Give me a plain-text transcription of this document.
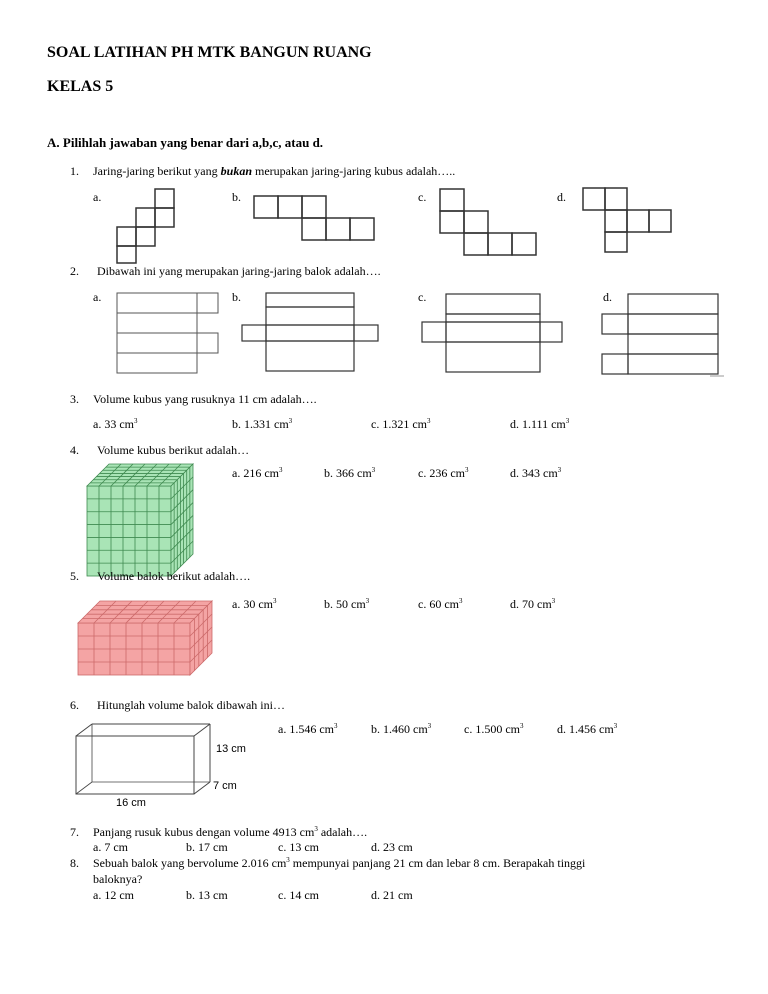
SOAL LATIHAN PH MTK BANGUN RUANG
KELAS 5
A. Pilihlah jawaban yang benar dari a,b,c, atau d.
1. Jaring-jaring berikut yang bukan merupakan jaring-jaring kubus adalah…..
a.	b.	c.	d.
2. Dibawah ini yang merupakan jaring-jaring balok adalah….
a.	b.	c.	d.
3. Volume kubus yang rusuknya 11 cm adalah….
a. 33 $cm^3$	b. 1.331 $cm^3$	c. 1.321 $cm^3$	d. 1.111 $cm^3$
4. Volume kubus berikut adalah…
a. 216 $cm^3$	b. 366 $cm^3$	c. 236 $cm^3$	d. 343 $cm^3$
5. Volume balok berikut adalah….
a. 30 $cm^3$	b. 50 $cm^3$	c. 60 $cm^3$	d. 70 $cm^3$
6. Hitunglah volume balok dibawah ini…
a. 1.546 $cm^3$	b. 1.460 $cm^3$	c. 1.500 $cm^3$	d. 1.456 $cm^3$
13 cm
7 cm
16 cm
7. Panjang rusuk kubus dengan volume 4913 $cm^3$ adalah….
a. 7 cm	b. 17 cm	c. 13 cm	d. 23 cm
8. Sebuah balok yang bervolume 2.016 $cm^3$ mempunyai panjang 21 cm dan lebar 8 cm. Berapakah tinggi
baloknya?
a. 12 cm	b. 13 cm	c. 14 cm	d. 21 cm
